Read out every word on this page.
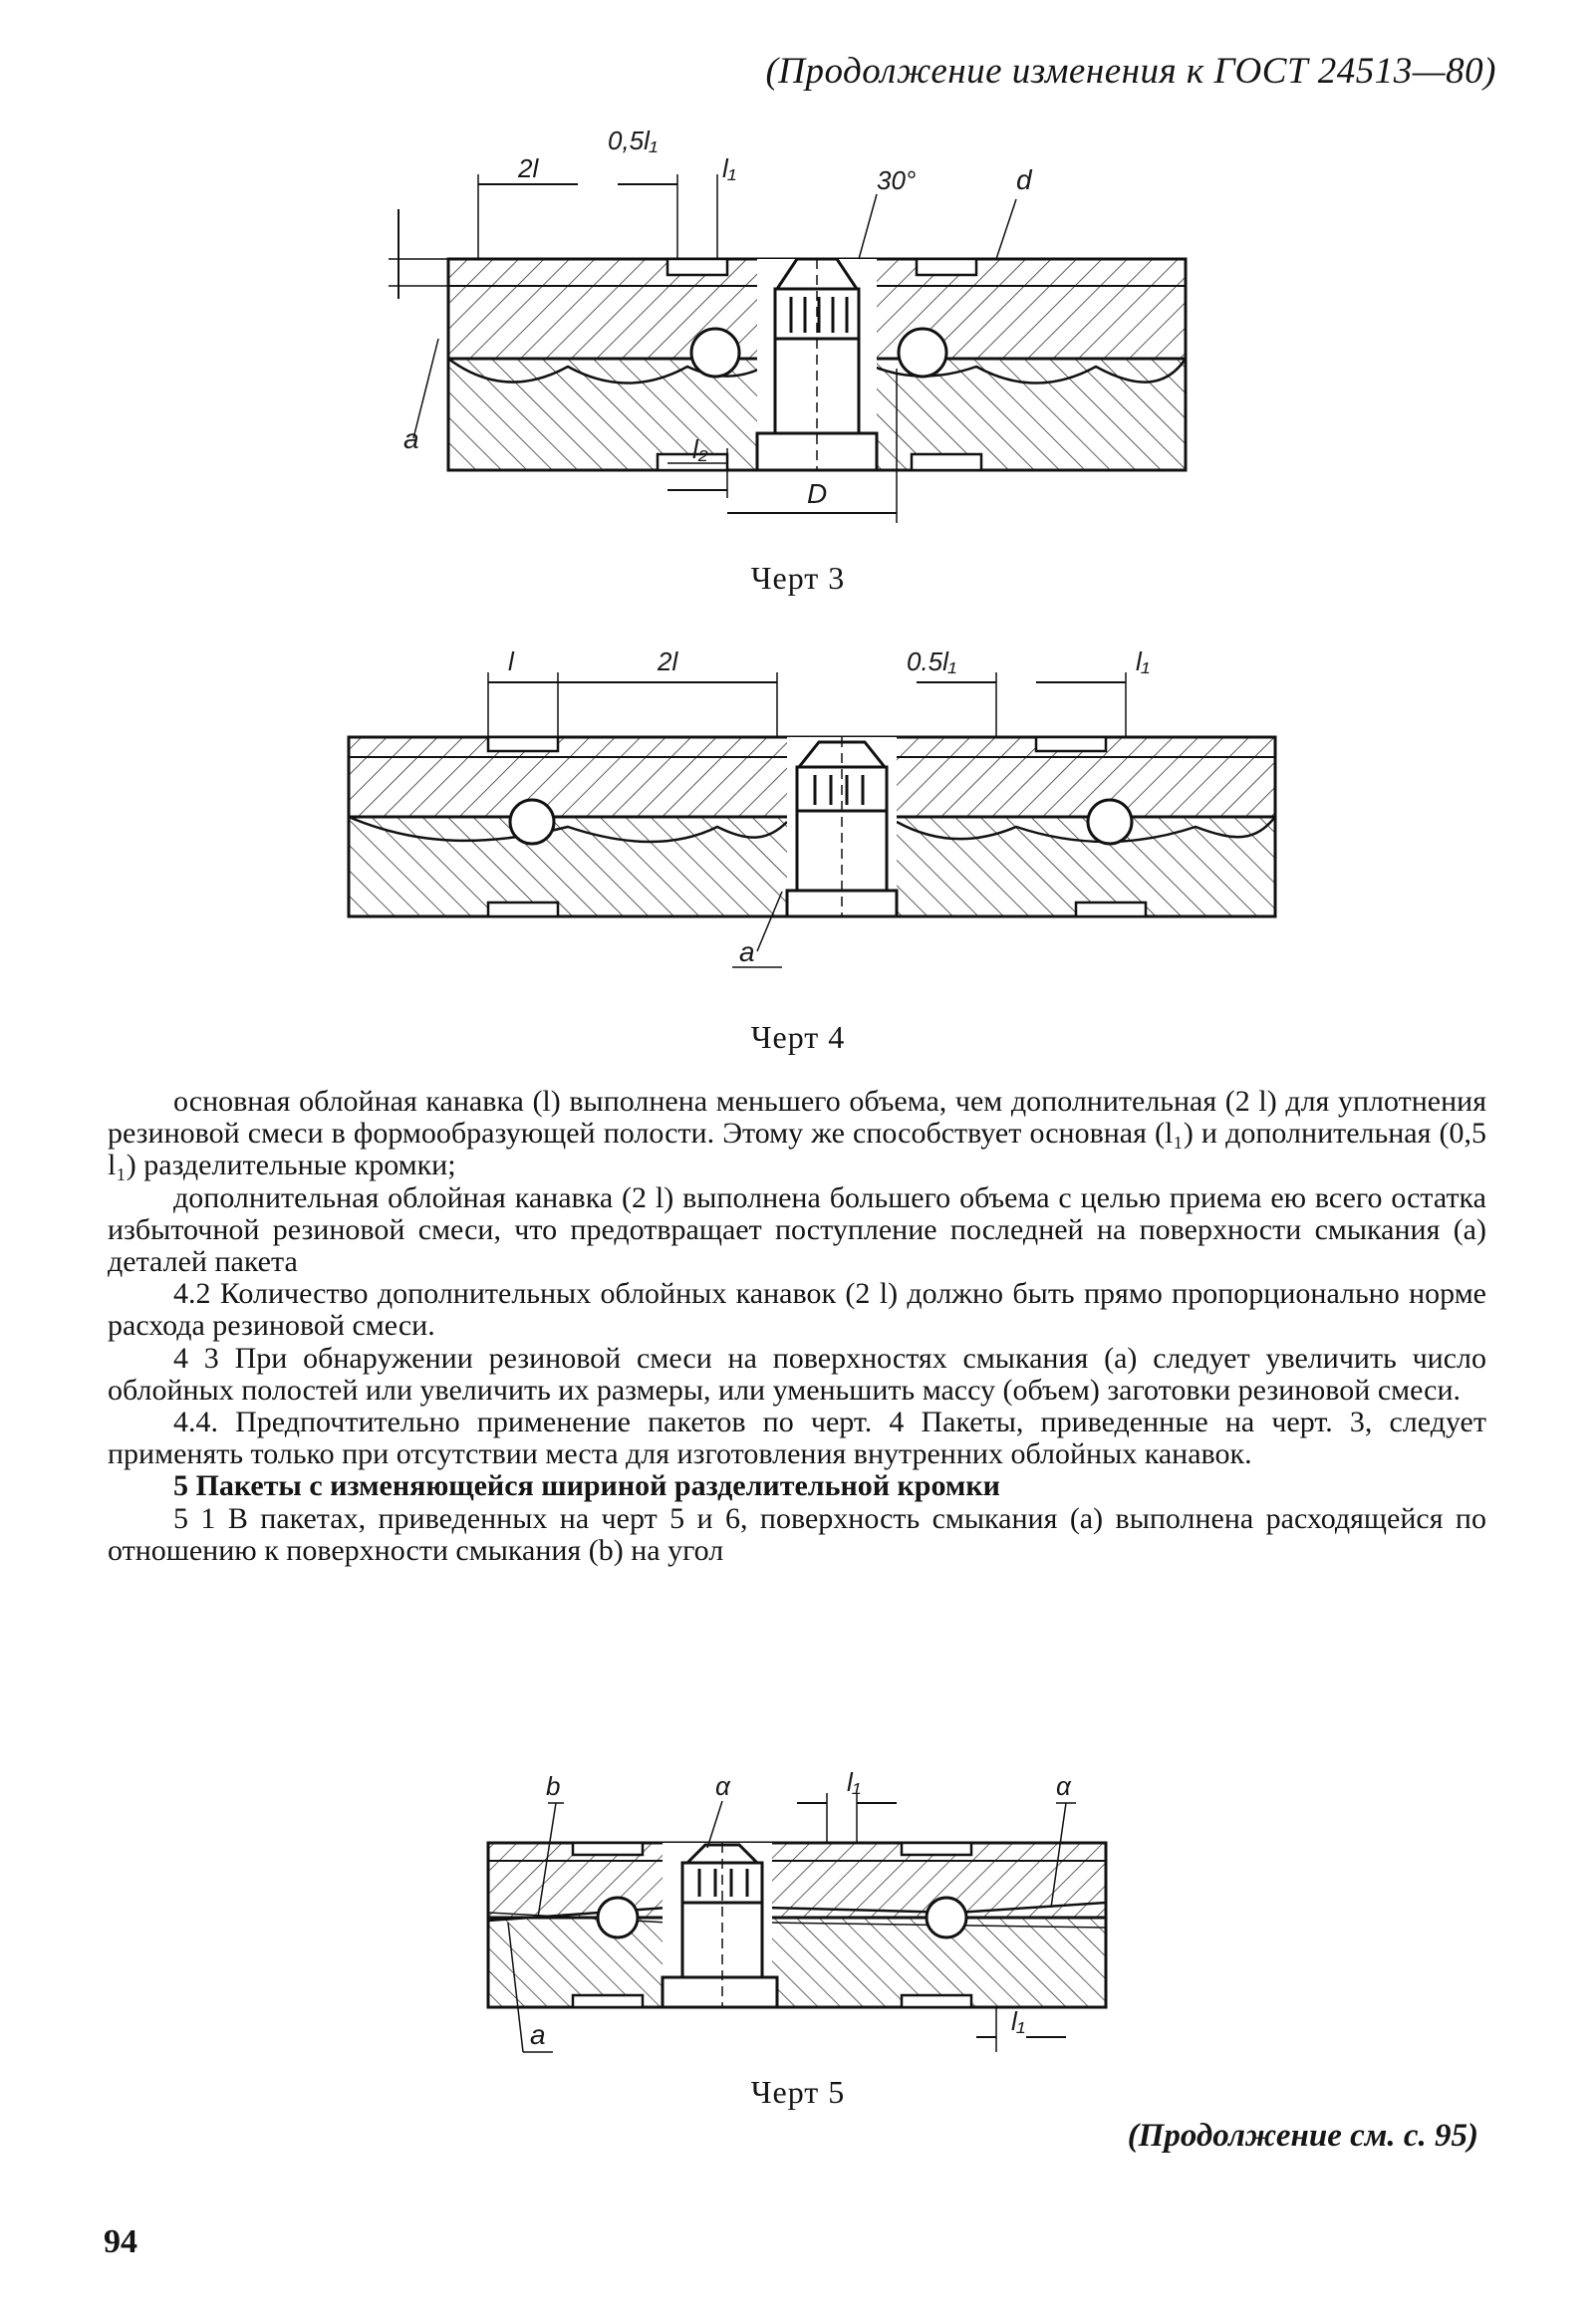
(Продолжение изменения к ГОСТ 24513—80)
0,5l₁
2l	l₁	30°	d
a	l₂
D
Черт 3
l	2l	0.5l₁	l₁
a
Черт 4

основная облойная канавка (l) выполнена меньшего объема, чем дополнительная (2 l) для уплотнения резиновой смеси в формообразующей полости. Этому же способствует основная (l₁) и дополнительная (0,5 l₁) разделительные кромки;

дополнительная облойная канавка (2 l) выполнена большего объема с целью приема ею всего остатка избыточной резиновой смеси, что предотвращает поступление последней на поверхности смыкания (a) деталей пакета

4.2 Количество дополнительных облойных канавок (2 l) должно быть прямо пропорционально норме расхода резиновой смеси.

4 3 При обнаружении резиновой смеси на поверхностях смыкания (a) следует увеличить число облойных полостей или увеличить их размеры, или уменьшить массу (объем) заготовки резиновой смеси.

4.4. Предпочтительно применение пакетов по черт. 4 Пакеты, приведенные на черт. 3, следует применять только при отсутствии места для изготовления внутренних облойных канавок.

5 Пакеты с изменяющейся шириной разделительной кромки

5 1 В пакетах, приведенных на черт 5 и 6, поверхность смыкания (a) выполнена расходящейся по отношению к поверхности смыкания (b) на угол

b	α	l₁	α
a	l₁
Черт 5
(Продолжение см. с. 95)
94
